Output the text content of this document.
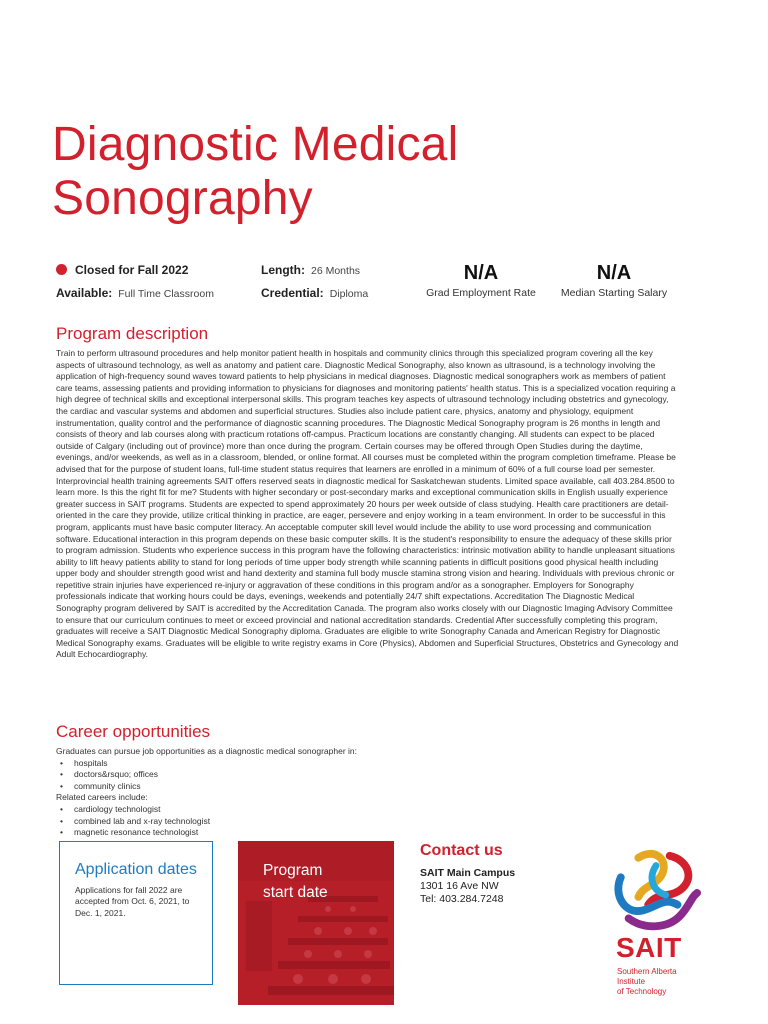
Diagnostic Medical
Sonography
Closed for Fall 2022
Available: Full Time Classroom
Length: 26 Months
Credential: Diploma
N/A
Grad Employment Rate
N/A
Median Starting Salary
Program description
Train to perform ultrasound procedures and help monitor patient health in hospitals and community clinics through this specialized program covering all the key aspects of ultrasound technology, as well as anatomy and patient care. Diagnostic Medical Sonography, also known as ultrasound, is a technology involving the application of high-frequency sound waves toward patients to help physicians in medical diagnoses. Diagnostic medical sonographers work as members of patient care teams, assessing patients and providing information to physicians for diagnoses and monitoring patients' health status. This is a specialized vocation requiring a high degree of technical skills and exceptional interpersonal skills. This program teaches key aspects of ultrasound technology including obstetrics and gynecology, the cardiac and vascular systems and abdomen and superficial structures. Studies also include patient care, physics, anatomy and physiology, equipment instrumentation, quality control and the performance of diagnostic scanning procedures. The Diagnostic Medical Sonography program is 26 months in length and consists of theory and lab courses along with practicum rotations off-campus. Practicum locations are constantly changing. All students can expect to be placed outside of Calgary (including out of province) more than once during the program. Certain courses may be offered through Open Studies during the daytime, evenings, and/or weekends, as well as in a classroom, blended, or online format. All courses must be completed within the program completion timeframe. Please be advised that for the purpose of student loans, full-time student status requires that learners are enrolled in a minimum of 60% of a full course load per semester. Interprovincial health training agreements SAIT offers reserved seats in diagnostic medical for Saskatchewan students. Limited space available, call 403.284.8500 to learn more. Is this the right fit for me? Students with higher secondary or post-secondary marks and exceptional communication skills in English usually experience greater success in SAIT programs. Students are expected to spend approximately 20 hours per week outside of class studying. Health care practitioners are detail-oriented in the care they provide, utilize critical thinking in practice, are eager, persevere and enjoy working in a team environment. In order to be successful in this program, applicants must have basic computer literacy. An acceptable computer skill level would include the ability to use word processing and communication software. Educational interaction in this program depends on these basic computer skills. It is the student's responsibility to ensure the adequacy of these skills prior to program admission. Students who experience success in this program have the following characteristics: intrinsic motivation ability to handle unpleasant situations ability to lift heavy patients ability to stand for long periods of time upper body strength while scanning patients in difficult positions good physical health including upper body and shoulder strength good wrist and hand dexterity and stamina full body muscle stamina strong vision and hearing. Individuals with previous chronic or repetitive strain injuries have experienced re-injury or aggravation of these conditions in this program and/or as a sonographer. Employers for Sonography professionals indicate that working hours could be days, evenings, weekends and potentially 24/7 shift expectations. Accreditation The Diagnostic Medical Sonography program delivered by SAIT is accredited by the Accreditation Canada. The program also works closely with our Diagnostic Imaging Advisory Committee to ensure that our curriculum continues to meet or exceed provincial and national accreditation standards. Credential After successfully completing this program, graduates will receive a SAIT Diagnostic Medical Sonography diploma. Graduates are eligible to write Sonography Canada and American Registry for Diagnostic Medical Sonography exams. Graduates will be eligible to write registry exams in Core (Physics), Abdomen and Superficial Structures, Obstetrics and Gynecology and Adult Echocardiography.
Career opportunities
Graduates can pursue job opportunities as a diagnostic medical sonographer in:
• hospitals
• doctors&rsquo; offices
• community clinics
Related careers include:
• cardiology technologist
• combined lab and x-ray technologist
• magnetic resonance technologist
Application dates
Applications for fall 2022 are accepted from Oct. 6, 2021, to Dec. 1, 2021.
Program
start date
Contact us
SAIT Main Campus
1301 16 Ave NW
Tel: 403.284.7248
SAIT
Southern Alberta
Institute
of Technology
